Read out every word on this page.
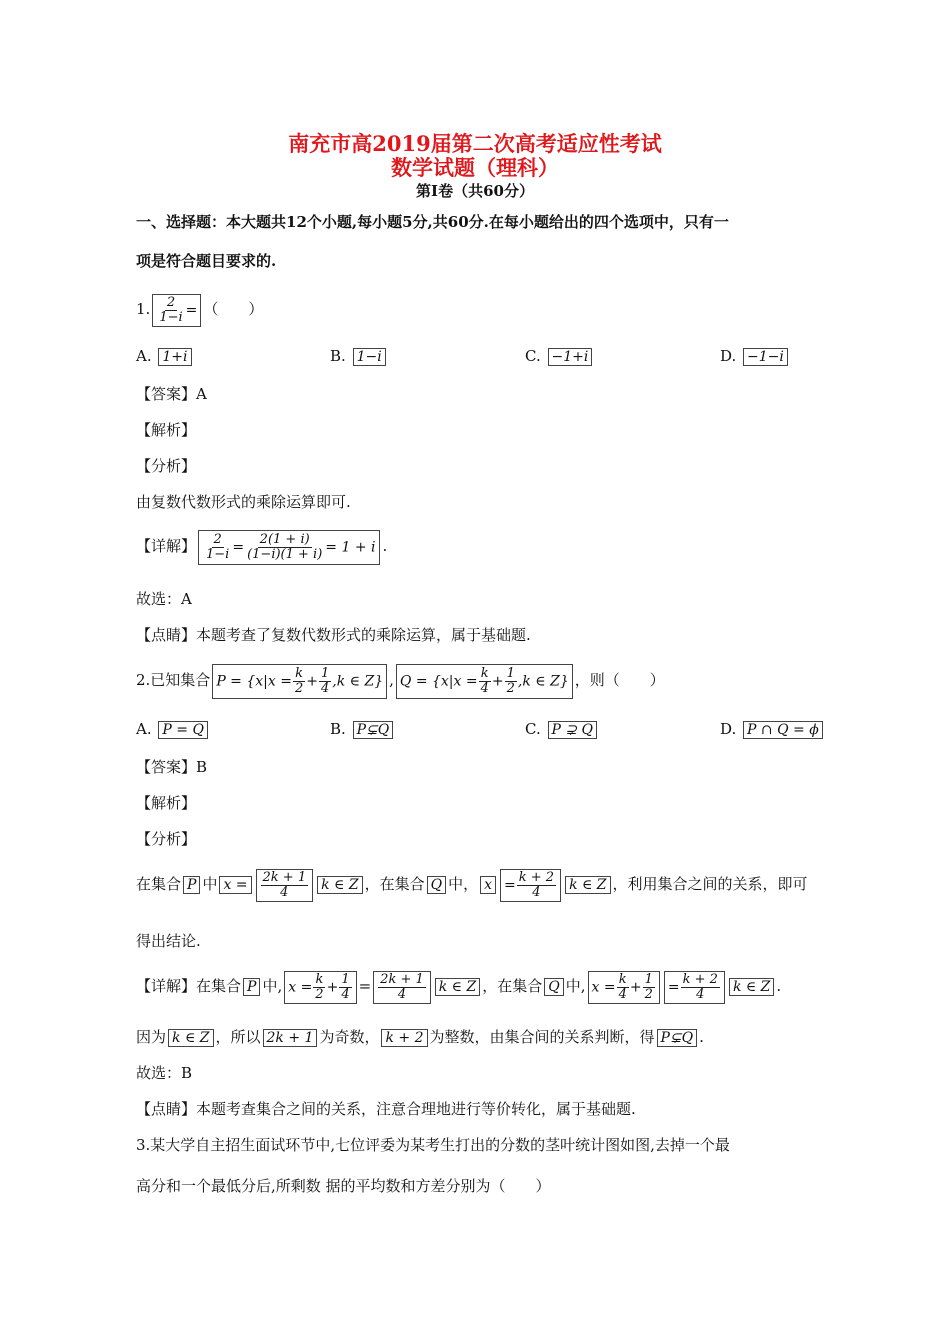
南充市高2019届第二次高考适应性考试
数学试题（理科）
第Ⅰ卷（共60分）
一、选择题：本大题共12个小题,每小题5分,共60分.在每小题给出的四个选项中，只有一
项是符合题目要求的.
1. $\frac{2}{1-i}$ = （　　）
A. 1+i	B. 1−i	C. −1+i	D. −1−i
【答案】A
【解析】
【分析】
由复数代数形式的乘除运算即可.
【详解】 $\frac{2}{1-i} = \frac{2(1 + i)}{(1-i)(1 + i)} = 1 + i$ .
故选：A
【点睛】本题考查了复数代数形式的乘除运算，属于基础题.
2.已知集合 $P = \{x|x = \frac{k}{2} + \frac{1}{4} ,k$ ∈ Z} , $Q = \{x|x = \frac{k}{4} + \frac{1}{2} ,k$ ∈ Z} ，则（　　）
A. P = Q	B. P⊊Q	C. P ⊋ Q	D. P ∩ Q = ϕ
【答案】B
【解析】
【分析】
在集合 P 中 $x = \frac{2k + 1}{4}$ k ∈ Z ，在集合 Q 中， $x = \frac{k + 2}{4}$ k ∈ Z ，利用集合之间的关系，即可
得出结论.
【详解】在集合 P 中, $x = \frac{k}{2} + \frac{1}{4} = \frac{2k + 1}{4}$ k ∈ Z ，在集合 Q 中, $x = \frac{k}{4} + \frac{1}{2} = \frac{k + 2}{4}$ k ∈ Z .
因为 k ∈ Z ，所以 2k + 1 为奇数， k + 2 为整数，由集合间的关系判断，得 P⊊Q .
故选：B
【点睛】本题考查集合之间的关系，注意合理地进行等价转化，属于基础题.
3.某大学自主招生面试环节中,七位评委为某考生打出的分数的茎叶统计图如图,去掉一个最
高分和一个最低分后,所剩数 据的平均数和方差分别为（　　）
